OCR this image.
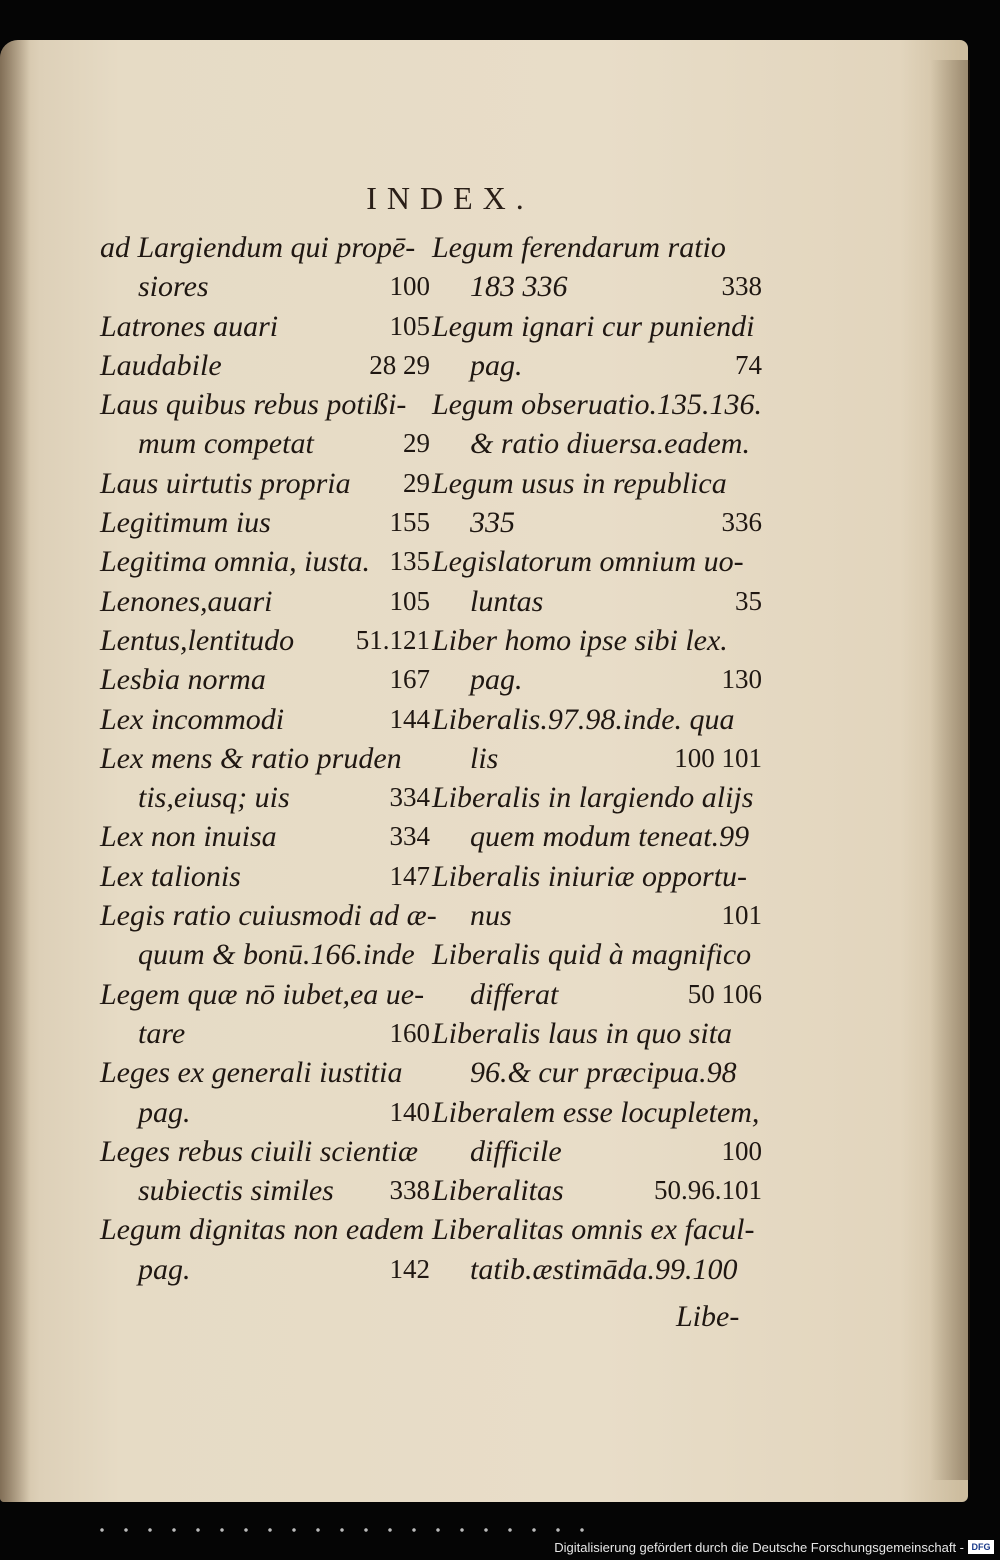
INDEX.
ad Largiendum qui propē-
siores	100
Latrones auari	105
Laudabile	28 29
Laus quibus rebus potißi-
mum competat	29
Laus uirtutis propria 29
Legitimum ius	155
Legitima omnia, iusta. 135
Lenones,auari	105
Lentus,lentitudo 51.121
Lesbia norma	167
Lex incommodi	144
Lex mens & ratio pruden
tis,eiusq; uis	334
Lex non inuisa	334
Lex talionis	147
Legis ratio cuiusmodi ad æ-
quum & bonū.166.inde
Legem quæ nō iubet,ea ue-
tare	160
Leges ex generali iustitia
pag.	140
Leges rebus ciuili scientiæ
subiectis similes 338
Legum dignitas non eadem
pag.	142
Legum ferendarum ratio
183 336	338
Legum ignari cur puniendi
pag.	74
Legum obseruatio.135.136.
& ratio diuersa.eadem.
Legum usus in republica
335	336
Legislatorum omnium uo-
luntas	35
Liber homo ipse sibi lex.
pag.	130
Liberalis.97.98.inde. qua
lis	100 101
Liberalis in largiendo alijs
quem modum teneat.99
Liberalis iniuriæ opportu-
nus	101
Liberalis quid à magnifico
differat	50 106
Liberalis laus in quo sita
96.& cur præcipua.98
Liberalem esse locupletem,
difficile	100
Liberalitas	50.96.101
Liberalitas omnis ex facul-
tatib.æstimāda.99.100
Libe-
Digitalisierung gefördert durch die Deutsche Forschungsgemeinschaft - DFG
